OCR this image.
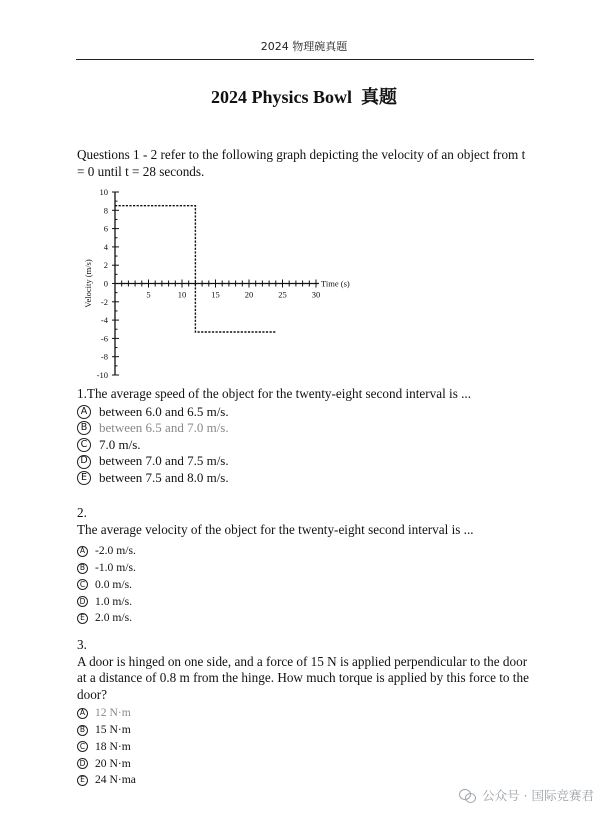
2024 物理碗真题
2024 Physics Bowl  真题
Questions 1 - 2 refer to the following graph depicting the velocity of an object from t
= 0 until t = 28 seconds.
10
8
6
4
2
0
-2
-4
-6
-8
-10
5	10	15	20	25	30
Time (s)
Velocity (m/s)
1.The average speed of the object for the twenty-eight second interval is ...
A between 6.0 and 6.5 m/s.
B between 6.5 and 7.0 m/s.
C 7.0 m/s.
D between 7.0 and 7.5 m/s.
E between 7.5 and 8.0 m/s.
2.
The average velocity of the object for the twenty-eight second interval is ...
A -2.0 m/s.
B -1.0 m/s.
C 0.0 m/s.
D 1.0 m/s.
E 2.0 m/s.
3.
A door is hinged on one side, and a force of 15 N is applied perpendicular to the door
at a distance of 0.8 m from the hinge. How much torque is applied by this force to the
door?
A 12 N·m
B 15 N·m
C 18 N·m
D 20 N·m
E 24 N·ma
公众号 · 国际竞赛君
